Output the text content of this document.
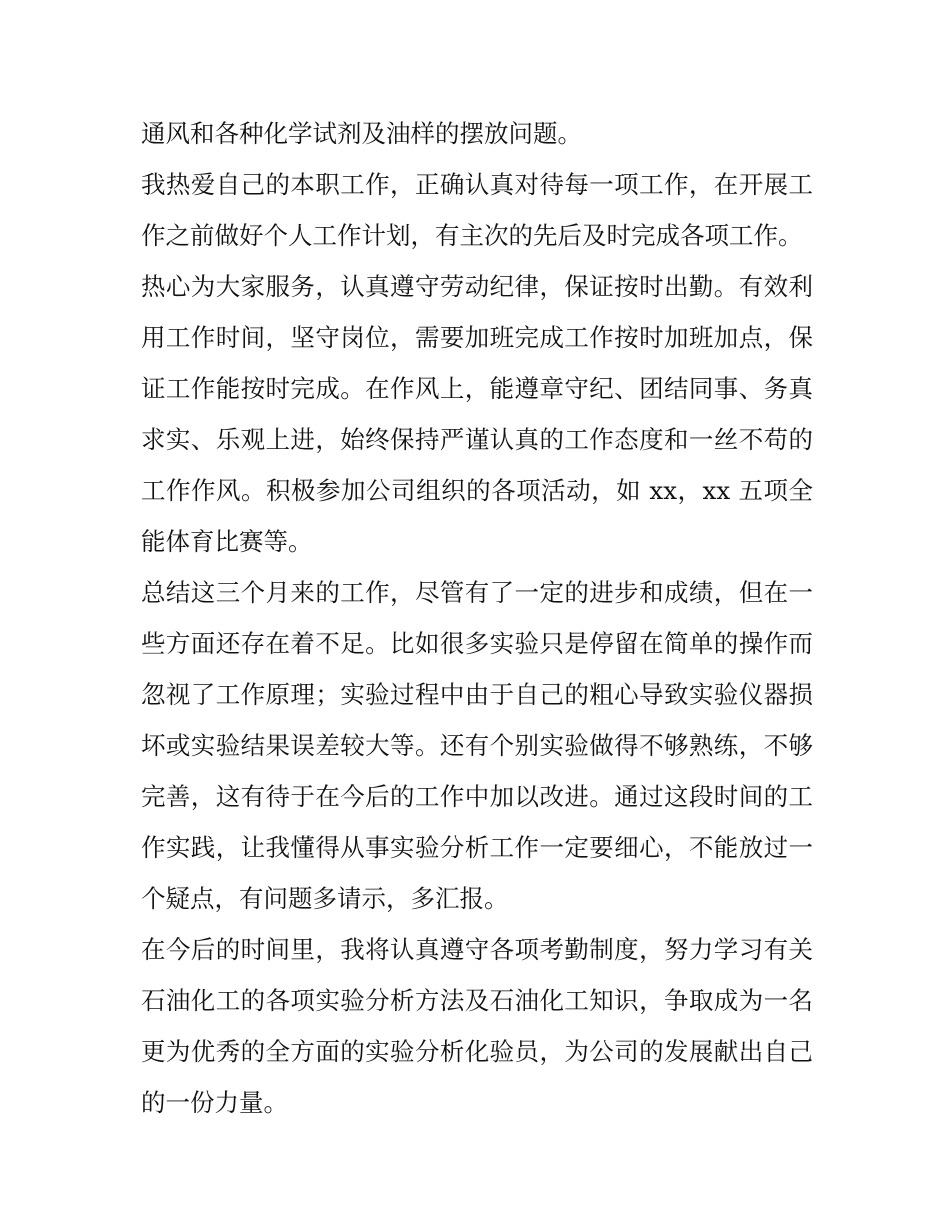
通风和各种化学试剂及油样的摆放问题。
我热爱自己的本职工作，正确认真对待每一项工作，在开展工
作之前做好个人工作计划，有主次的先后及时完成各项工作。
热心为大家服务，认真遵守劳动纪律，保证按时出勤。有效利
用工作时间，坚守岗位，需要加班完成工作按时加班加点，保
证工作能按时完成。在作风上，能遵章守纪、团结同事、务真
求实、乐观上进，始终保持严谨认真的工作态度和一丝不苟的
工作作风。积极参加公司组织的各项活动，如 xx，xx 五项全
能体育比赛等。
总结这三个月来的工作，尽管有了一定的进步和成绩，但在一
些方面还存在着不足。比如很多实验只是停留在简单的操作而
忽视了工作原理；实验过程中由于自己的粗心导致实验仪器损
坏或实验结果误差较大等。还有个别实验做得不够熟练，不够
完善，这有待于在今后的工作中加以改进。通过这段时间的工
作实践，让我懂得从事实验分析工作一定要细心，不能放过一
个疑点，有问题多请示，多汇报。
在今后的时间里，我将认真遵守各项考勤制度，努力学习有关
石油化工的各项实验分析方法及石油化工知识，争取成为一名
更为优秀的全方面的实验分析化验员，为公司的发展献出自己
的一份力量。
